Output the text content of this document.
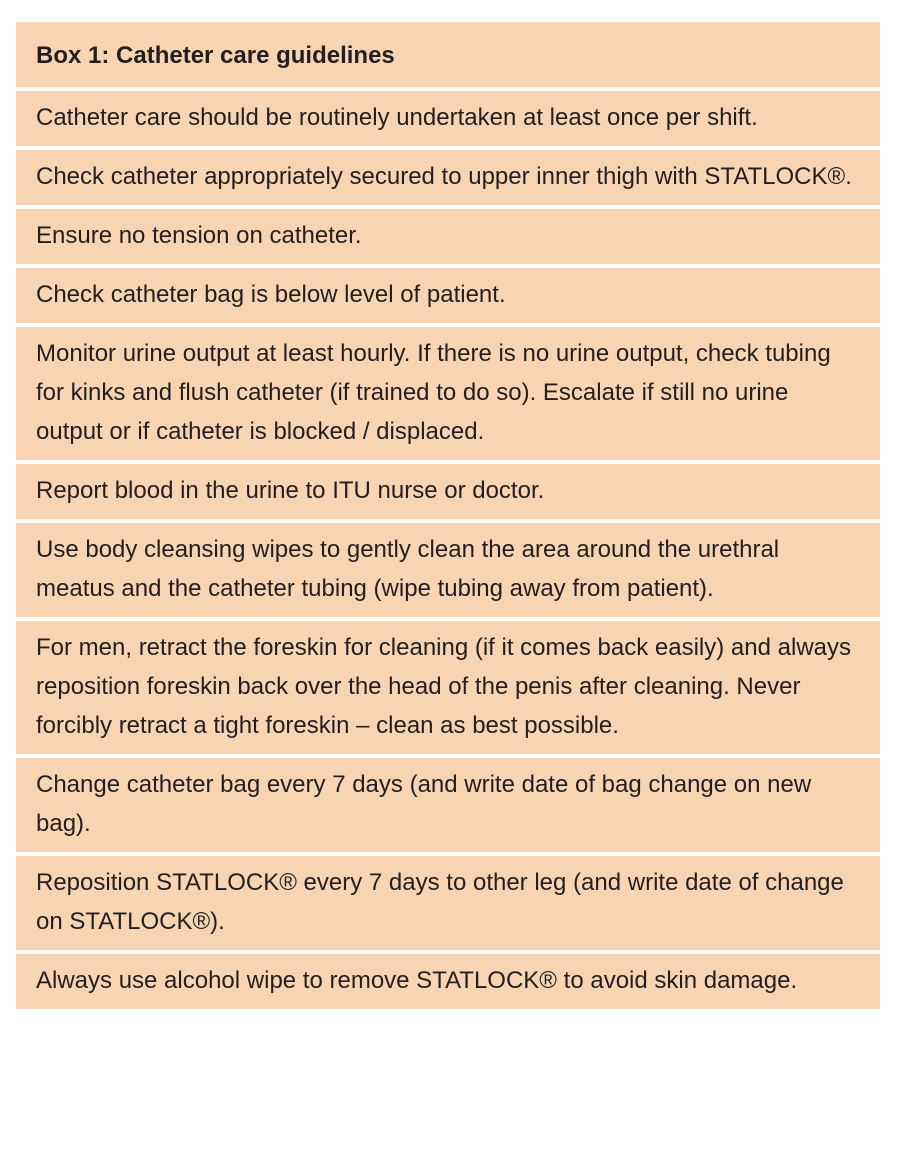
Box 1: Catheter care guidelines
Catheter care should be routinely undertaken at least once per shift.
Check catheter appropriately secured to upper inner thigh with STATLOCK®.
Ensure no tension on catheter.
Check catheter bag is below level of patient.
Monitor urine output at least hourly. If there is no urine output, check tubing for kinks and flush catheter (if trained to do so). Escalate if still no urine output or if catheter is blocked / displaced.
Report blood in the urine to ITU nurse or doctor.
Use body cleansing wipes to gently clean the area around the urethral meatus and the catheter tubing (wipe tubing away from patient).
For men, retract the foreskin for cleaning (if it comes back easily) and always reposition foreskin back over the head of the penis after cleaning. Never forcibly retract a tight foreskin – clean as best possible.
Change catheter bag every 7 days (and write date of bag change on new bag).
Reposition STATLOCK® every 7 days to other leg (and write date of change on STATLOCK®).
Always use alcohol wipe to remove STATLOCK® to avoid skin damage.
